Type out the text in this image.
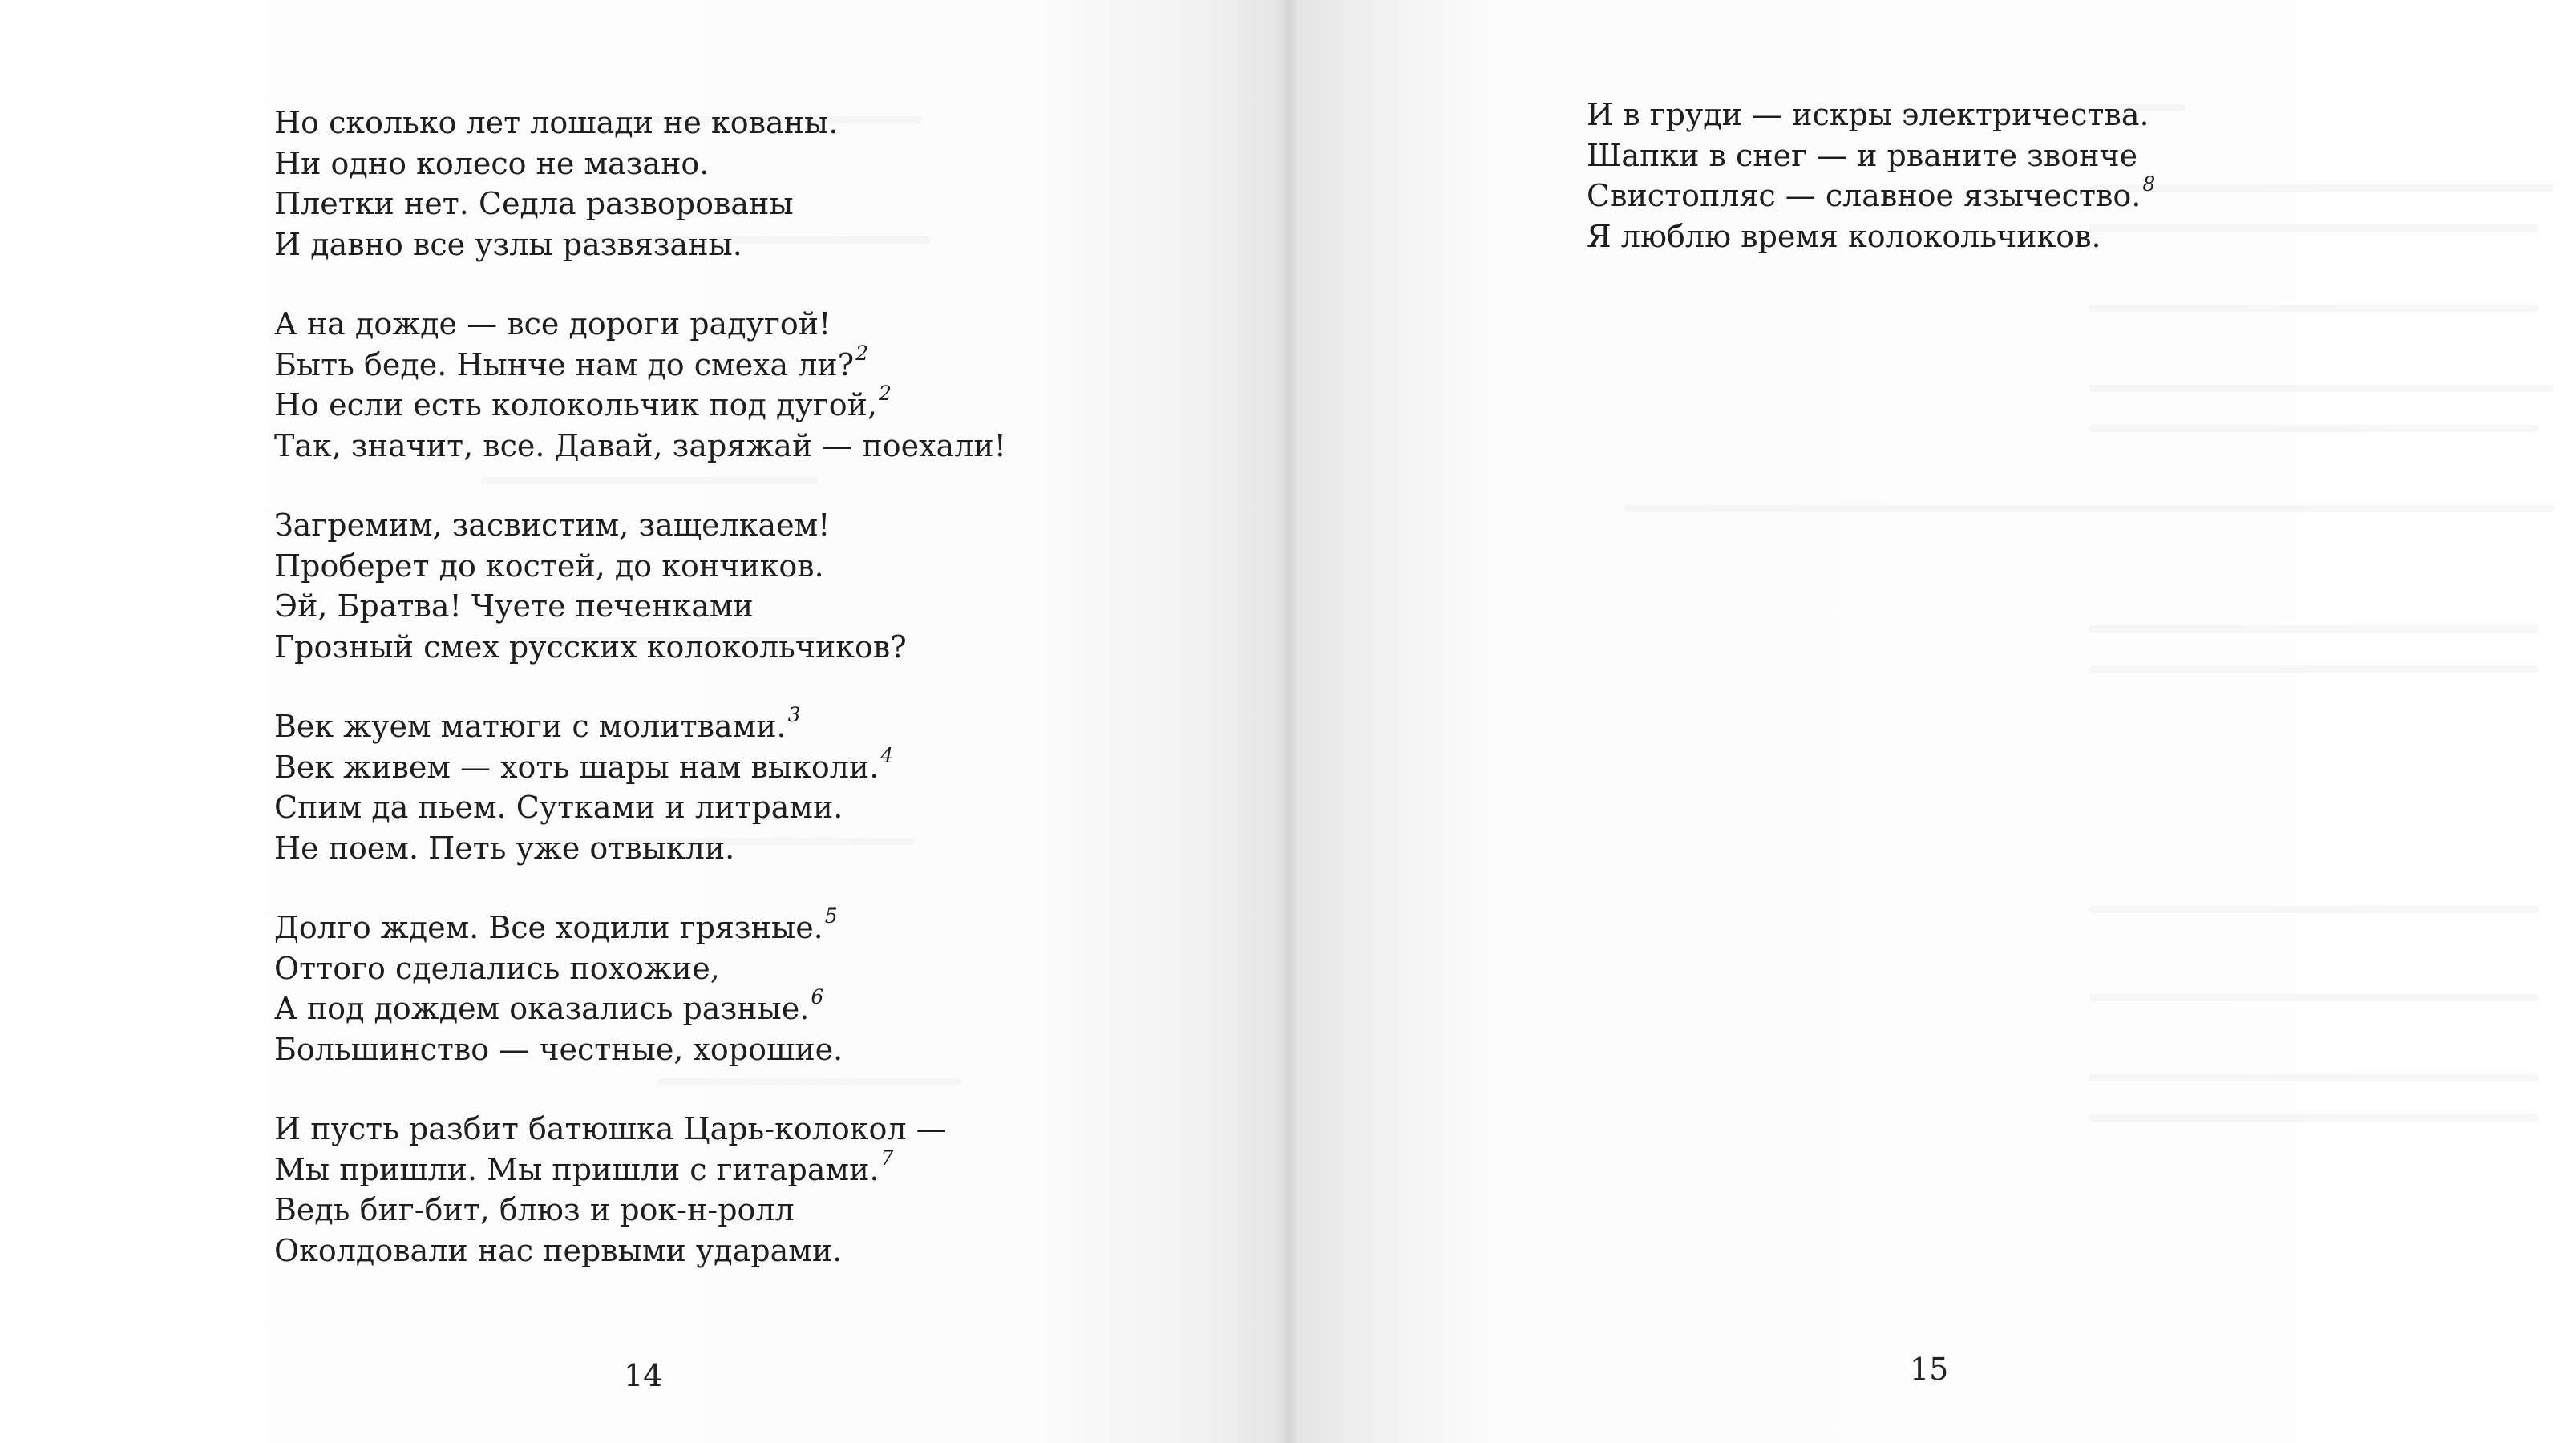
Но сколько лет лошади не кованы.
Ни одно колесо не мазано.
Плетки нет. Седла разворованы
И давно все узлы развязаны.
А на дожде — все дороги радугой!
Быть беде. Нынче нам до смеха ли?$^2$
Но если есть колокольчик под дугой,$^2$
Так, значит, все. Давай, заряжай — поехали!
Загремим, засвистим, защелкаем!
Проберет до костей, до кончиков.
Эй, Братва! Чуете печенками
Грозный смех русских колокольчиков?
Век жуем матюги с молитвами.$^3$
Век живем — хоть шары нам выколи.$^4$
Спим да пьем. Сутками и литрами.
Не поем. Петь уже отвыкли.
Долго ждем. Все ходили грязные.$^5$
Оттого сделались похожие,
А под дождем оказались разные.$^6$
Большинство — честные, хорошие.
И пусть разбит батюшка Царь-колокол —
Мы пришли. Мы пришли с гитарами.$^7$
Ведь биг-бит, блюз и рок-н-ролл
Околдовали нас первыми ударами.
14
И в груди — искры электричества.
Шапки в снег — и рваните звонче
Свистопляс — славное язычество.$^8$
Я люблю время колокольчиков.
15
